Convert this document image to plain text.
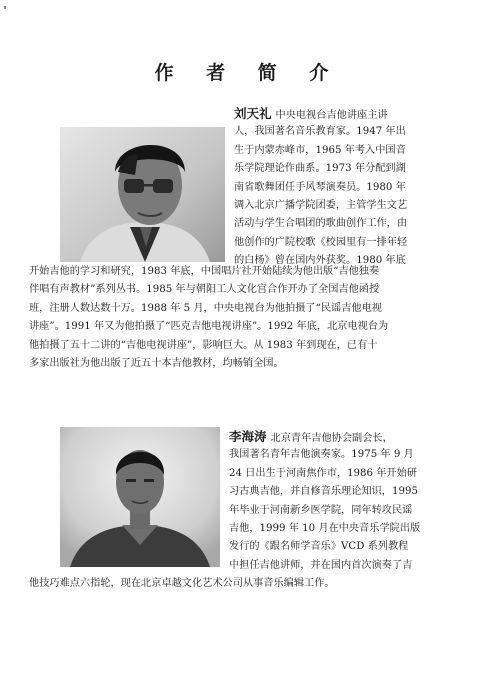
作 者 简 介
刘天礼 中央电视台吉他讲座主讲
人，我国著名音乐教育家。1947 年出
生于内蒙赤峰市，1965 年考入中国音
乐学院理论作曲系。1973 年分配到湖
南省歌舞团任手风琴演奏员。1980 年
调入北京广播学院团委，主管学生文艺
活动与学生合唱团的歌曲创作工作，由
他创作的广院校歌《校园里有一排年轻
的白杨》曾在国内外获奖。1980 年底
开始吉他的学习和研究，1983 年底，中国唱片社开始陆续为他出版“吉他独奏
伴唱有声教材”系列丛书。1985 年与朝阳工人文化宫合作开办了全国吉他函授
班，注册人数达数十万。1988 年 5 月，中央电视台为他拍摄了“民谣吉他电视
讲座”。1991 年又为他拍摄了“匹克吉他电视讲座”。1992 年底，北京电视台为
他拍摄了五十二讲的“吉他电视讲座”，影响巨大。从 1983 年到现在，已有十
多家出版社为他出版了近五十本吉他教材，均畅销全国。
李海涛 北京青年吉他协会副会长，
我国著名青年吉他演奏家。1975 年 9 月
24 日出生于河南焦作市，1986 年开始研
习古典吉他，并自修音乐理论知识，1995
年毕业于河南新乡医学院，同年转攻民谣
吉他，1999 年 10 月在中央音乐学院出版
发行的《跟名师学音乐》VCD 系列教程
中担任吉他讲师，并在国内首次演奏了吉
他技巧难点六指轮，现在北京卓越文化艺术公司从事音乐编辑工作。
